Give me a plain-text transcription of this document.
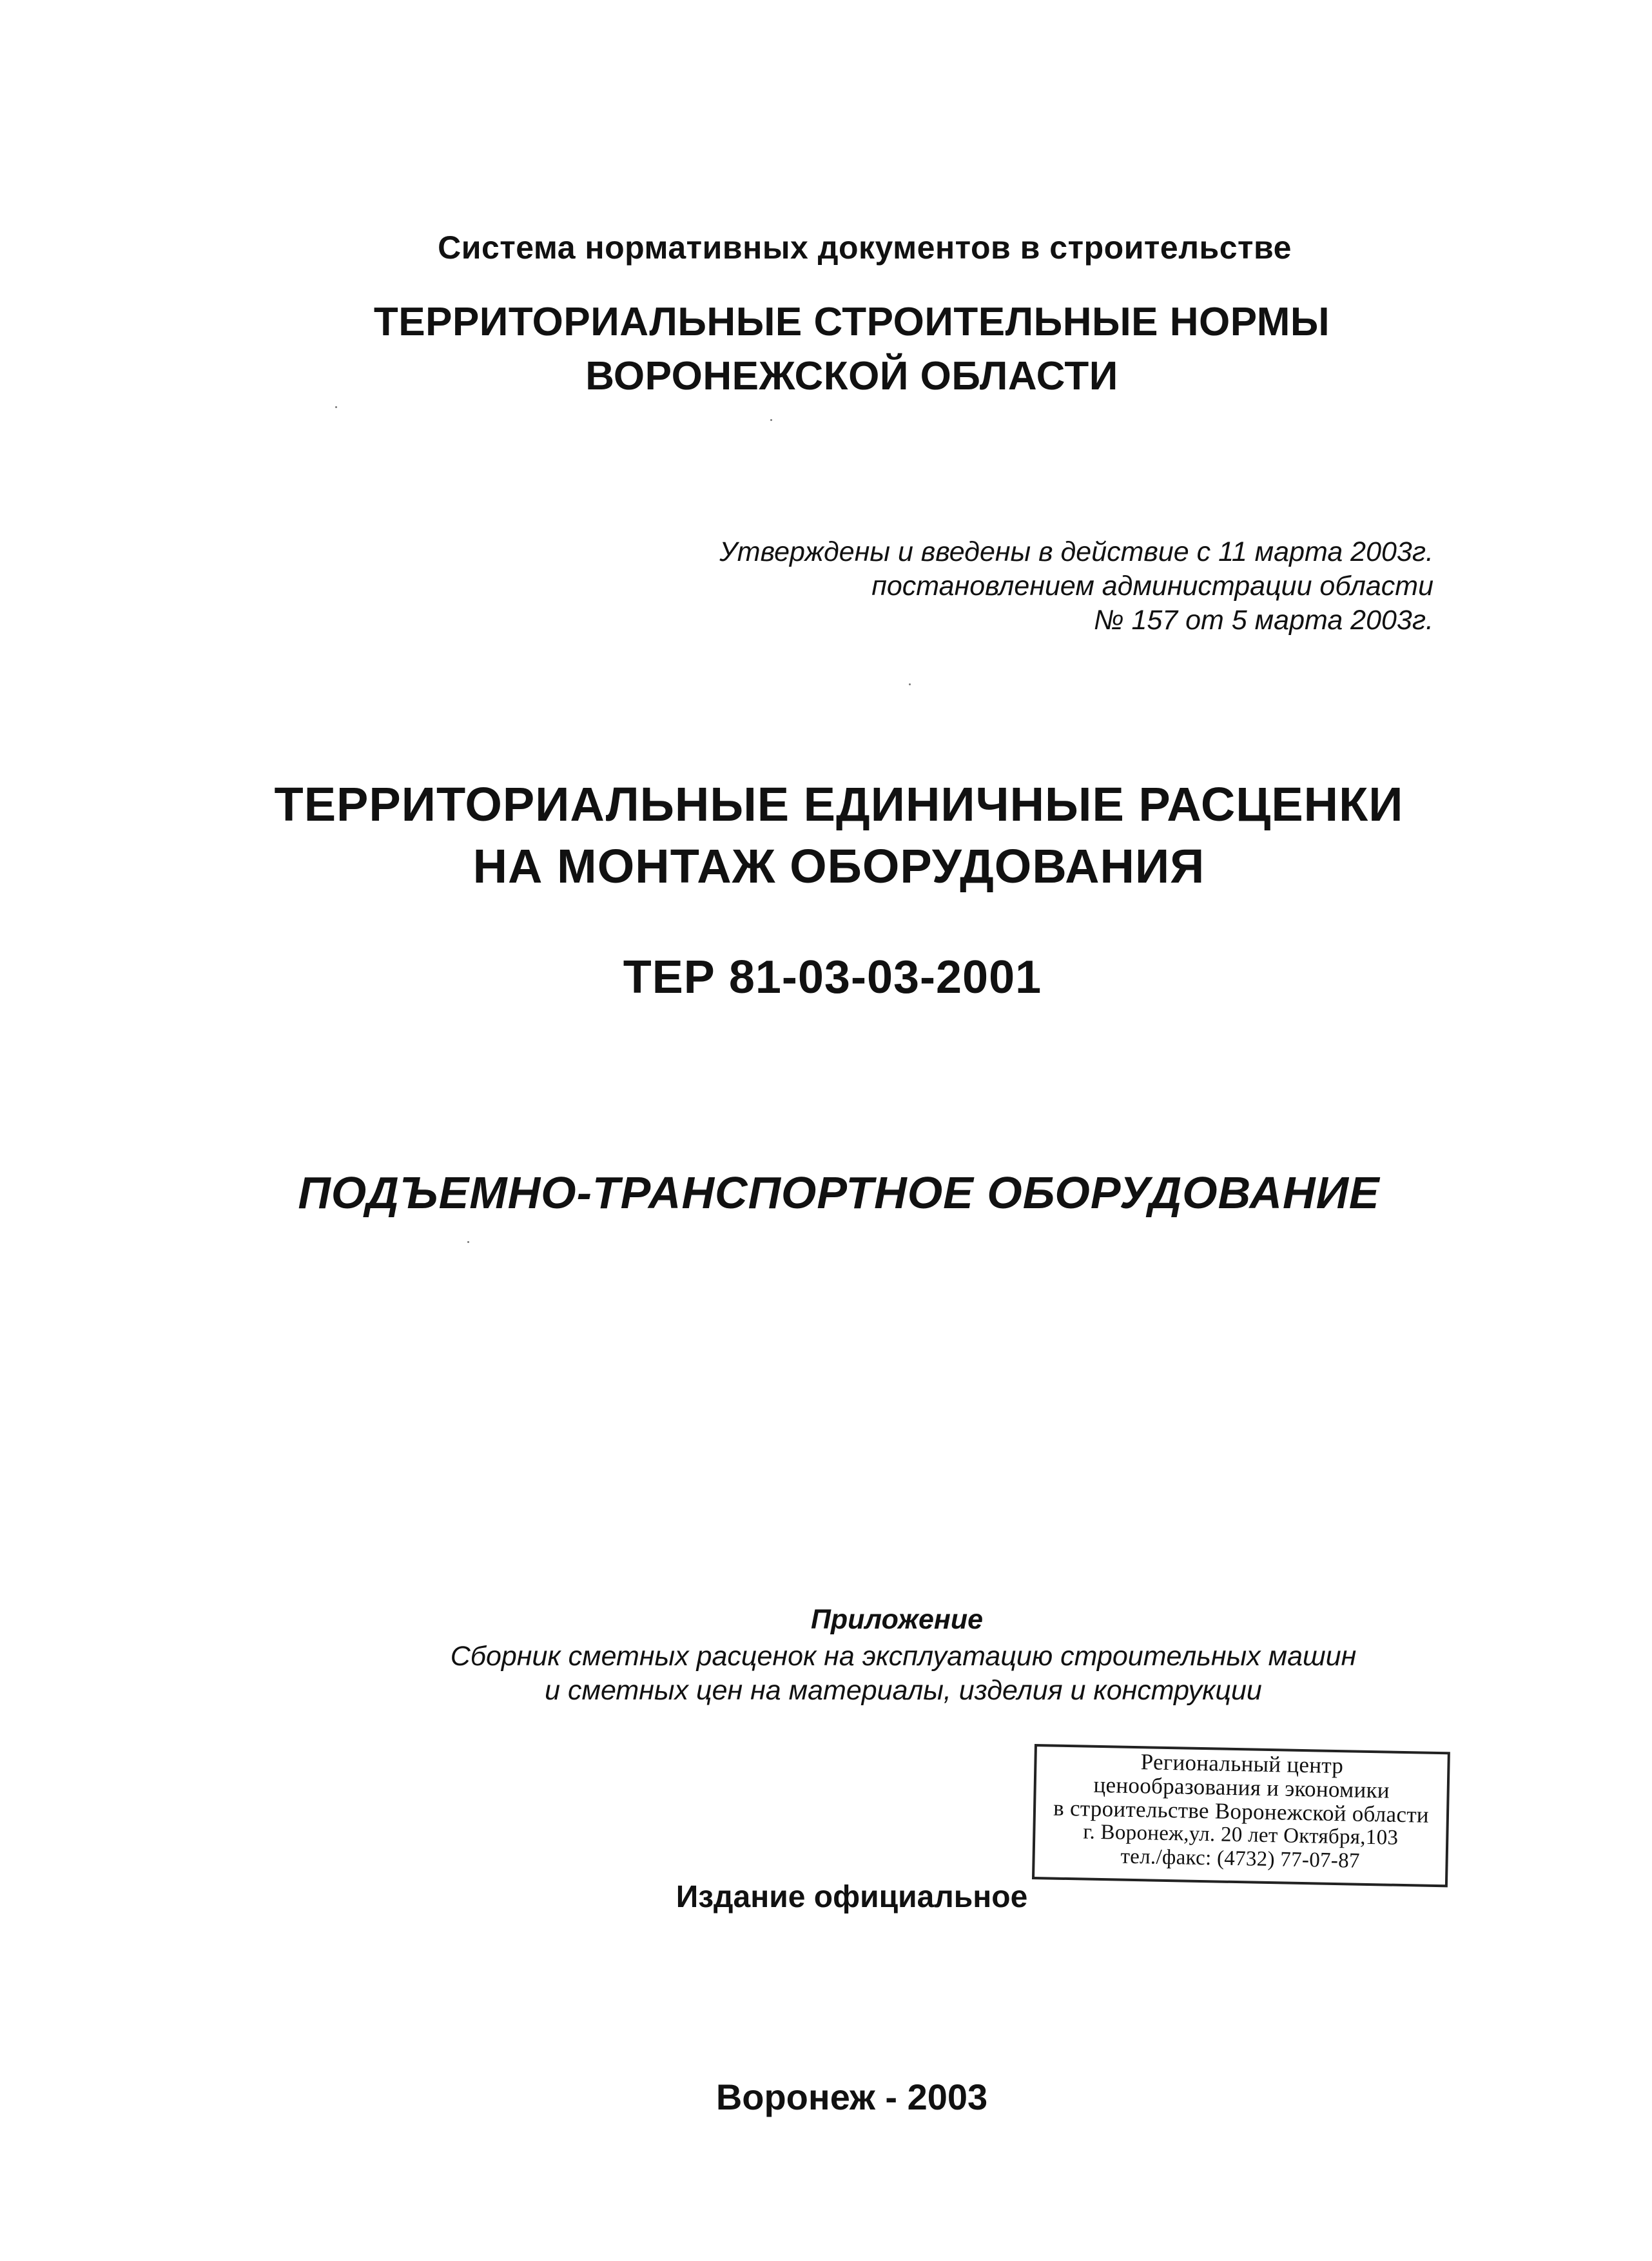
Система нормативных документов в строительстве
ТЕРРИТОРИАЛЬНЫЕ СТРОИТЕЛЬНЫЕ НОРМЫ
ВОРОНЕЖСКОЙ ОБЛАСТИ
Утверждены и введены в действие с 11 марта 2003г.
постановлением администрации области
№ 157 от 5 марта 2003г.
ТЕРРИТОРИАЛЬНЫЕ ЕДИНИЧНЫЕ РАСЦЕНКИ
НА МОНТАЖ ОБОРУДОВАНИЯ
ТЕР 81-03-03-2001
ПОДЪЕМНО-ТРАНСПОРТНОЕ ОБОРУДОВАНИЕ
Приложение
Сборник сметных расценок на эксплуатацию строительных машин
и сметных цен на материалы, изделия и конструкции
Региональный центр
ценообразования и экономики
в строительстве Воронежской области
г. Воронеж,ул. 20 лет Октября,103
тел./факс: (4732) 77-07-87
Издание официальное
Воронеж - 2003
